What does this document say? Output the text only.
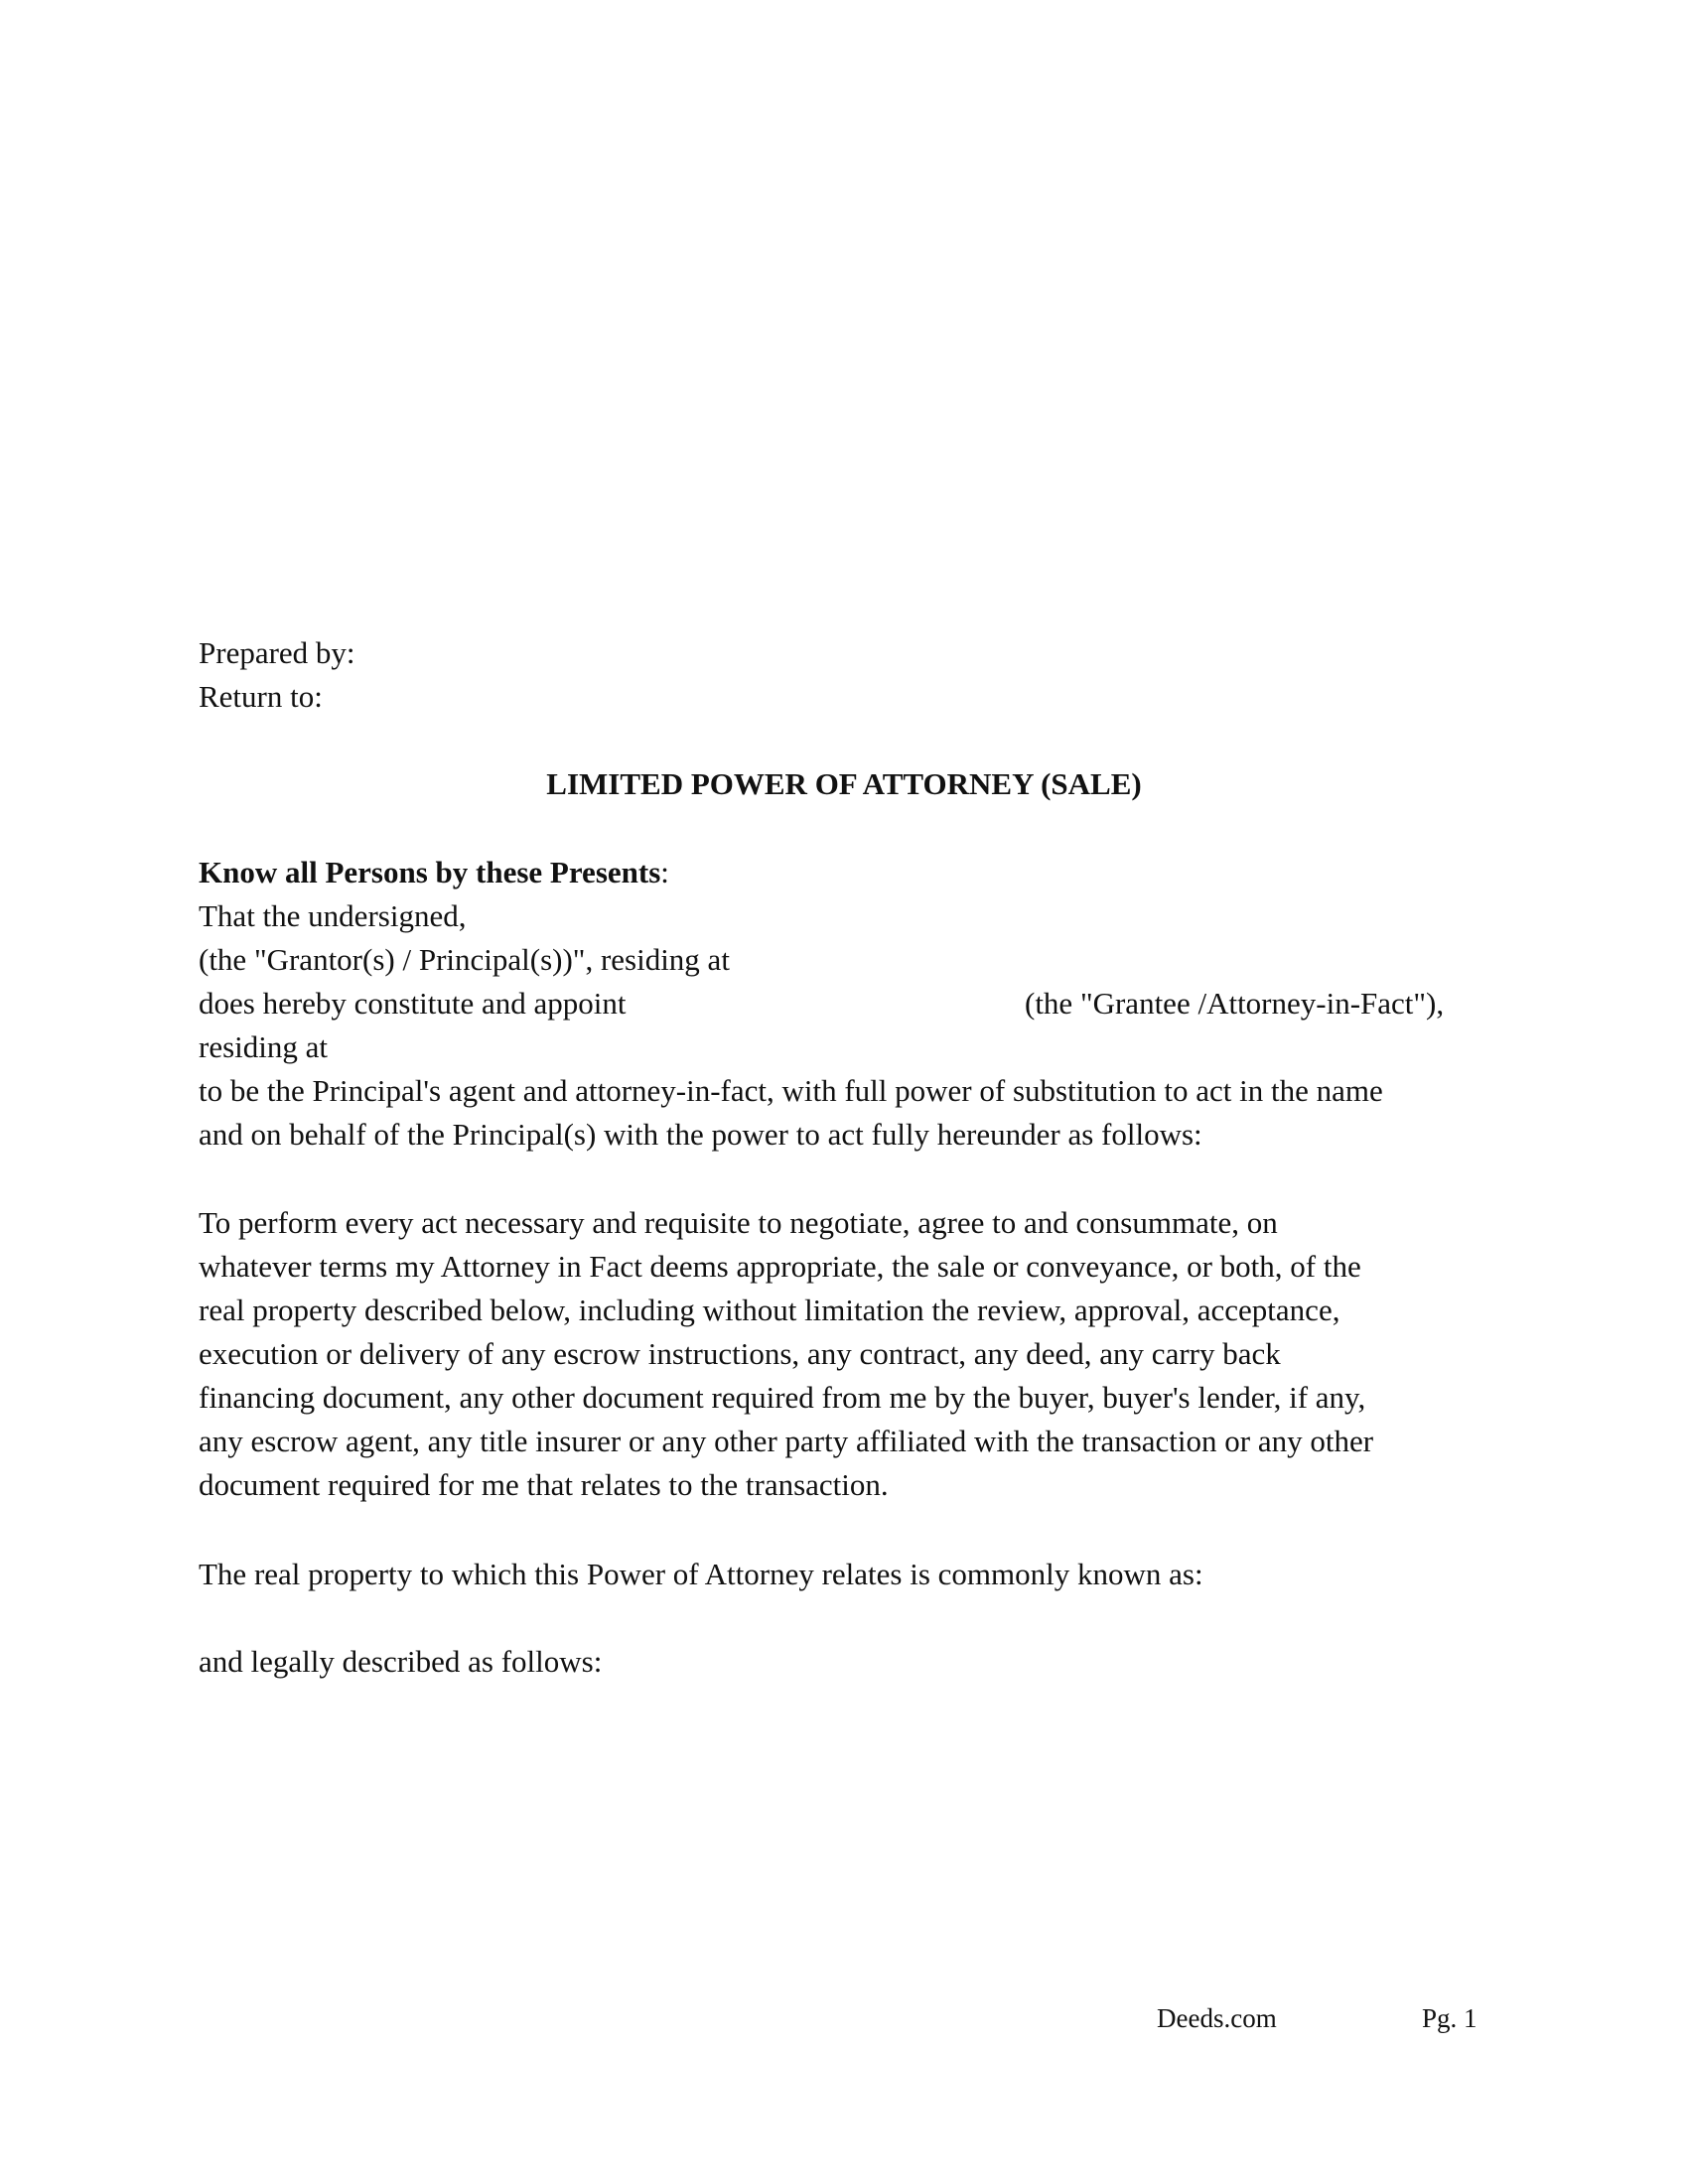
Prepared by:
Return to:
LIMITED POWER OF ATTORNEY (SALE)
Know all Persons by these Presents:
That the undersigned,
(the "Grantor(s) / Principal(s))", residing at
does hereby constitute and appoint	(the "Grantee /Attorney-in-Fact"),
residing at
to be the Principal's agent and attorney-in-fact, with full power of substitution to act in the name
and on behalf of the Principal(s) with the power to act fully hereunder as follows:
To perform every act necessary and requisite to negotiate, agree to and consummate, on
whatever terms my Attorney in Fact deems appropriate, the sale or conveyance, or both, of the
real property described below, including without limitation the review, approval, acceptance,
execution or delivery of any escrow instructions, any contract, any deed, any carry back
financing document, any other document required from me by the buyer, buyer's lender, if any,
any escrow agent, any title insurer or any other party affiliated with the transaction or any other
document required for me that relates to the transaction.
The real property to which this Power of Attorney relates is commonly known as:
and legally described as follows:
Deeds.com	Pg. 1
